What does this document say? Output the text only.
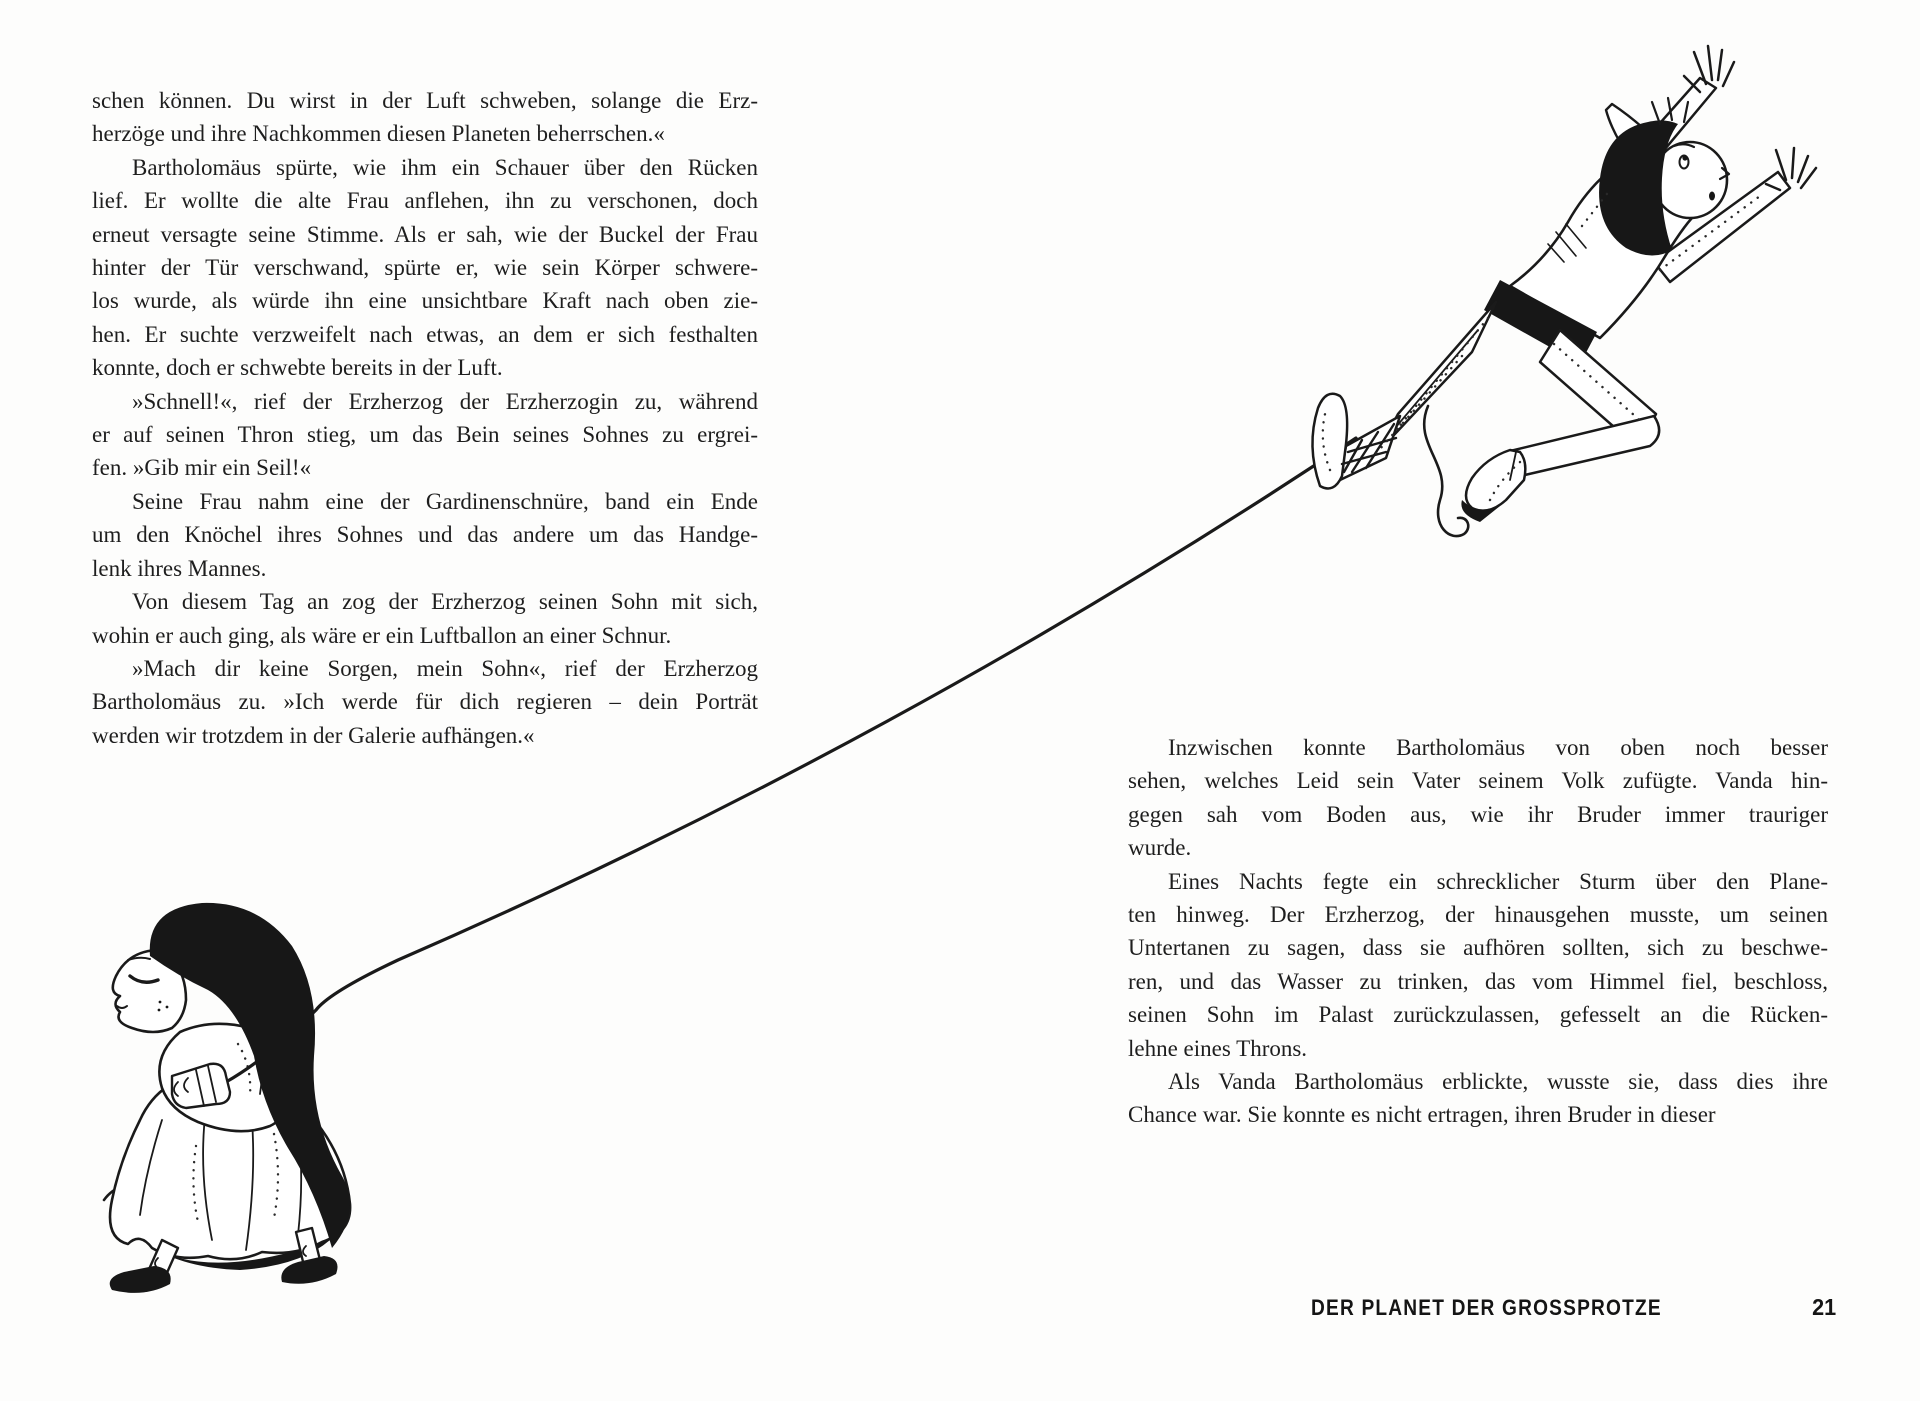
schen können. Du wirst in der Luft schweben, solange die Erz-
herzöge und ihre Nachkommen diesen Planeten beherrschen.«
Bartholomäus spürte, wie ihm ein Schauer über den Rücken
lief. Er wollte die alte Frau anflehen, ihn zu verschonen, doch
erneut versagte seine Stimme. Als er sah, wie der Buckel der Frau
hinter der Tür verschwand, spürte er, wie sein Körper schwere-
los wurde, als würde ihn eine unsichtbare Kraft nach oben zie-
hen. Er suchte verzweifelt nach etwas, an dem er sich festhalten
konnte, doch er schwebte bereits in der Luft.
»Schnell!«, rief der Erzherzog der Erzherzogin zu, während
er auf seinen Thron stieg, um das Bein seines Sohnes zu ergrei-
fen. »Gib mir ein Seil!«
Seine Frau nahm eine der Gardinenschnüre, band ein Ende
um den Knöchel ihres Sohnes und das andere um das Handge-
lenk ihres Mannes.
Von diesem Tag an zog der Erzherzog seinen Sohn mit sich,
wohin er auch ging, als wäre er ein Luftballon an einer Schnur.
»Mach dir keine Sorgen, mein Sohn«, rief der Erzherzog
Bartholomäus zu. »Ich werde für dich regieren – dein Porträt
werden wir trotzdem in der Galerie aufhängen.«	Inzwischen konnte Bartholomäus von oben noch besser
sehen, welches Leid sein Vater seinem Volk zufügte. Vanda hin-
gegen sah vom Boden aus, wie ihr Bruder immer trauriger
wurde.
Eines Nachts fegte ein schrecklicher Sturm über den Plane-
ten hinweg. Der Erzherzog, der hinausgehen musste, um seinen
Untertanen zu sagen, dass sie aufhören sollten, sich zu beschwe-
ren, und das Wasser zu trinken, das vom Himmel fiel, beschloss,
seinen Sohn im Palast zurückzulassen, gefesselt an die Rücken-
lehne eines Throns.
Als Vanda Bartholomäus erblickte, wusste sie, dass dies ihre
Chance war. Sie konnte es nicht ertragen, ihren Bruder in dieser
DER PLANET DER GROSSPROTZE	21
